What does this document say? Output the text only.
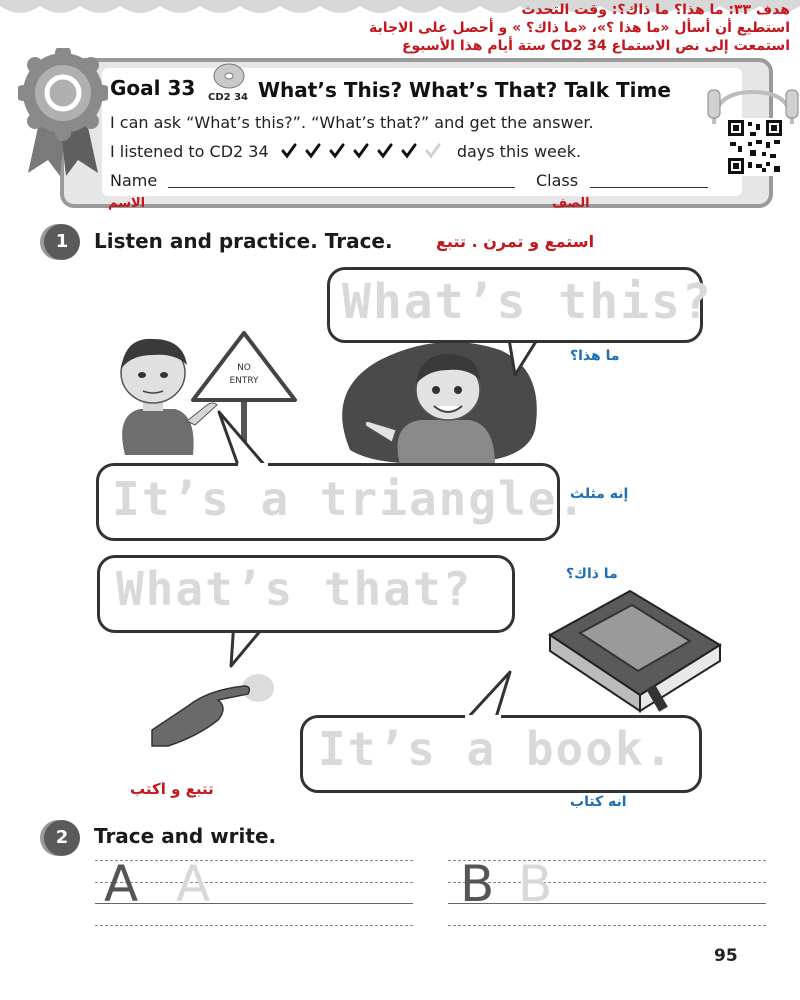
هدف ٣٣: ما هذا؟ ما ذاك؟: وقت التحدث
استطيع أن أسأل «ما هذا ؟»، «ما ذاك؟ » و أحصل على الاجابة
استمعت إلى نص الاستماع CD2 34 ستة أيام هذا الأسبوع
Goal 33 CD2 34 What’s This? What’s That? Talk Time
I can ask “What’s this?”. “What’s that?” and get the answer.
I listened to CD2 34	days this week.
Name	Class
الاسم	الصف
1	Listen and practice. Trace.	استمع و تمرن . تتبع
NO
ENTRY
What’s this?
ما هذا؟
It’s a triangle.
إنه مثلث
What’s that?	ما ذاك؟
It’s a book.
انه كتاب
تتبع و اكتب
2	Trace and write.
A A	B B
95
